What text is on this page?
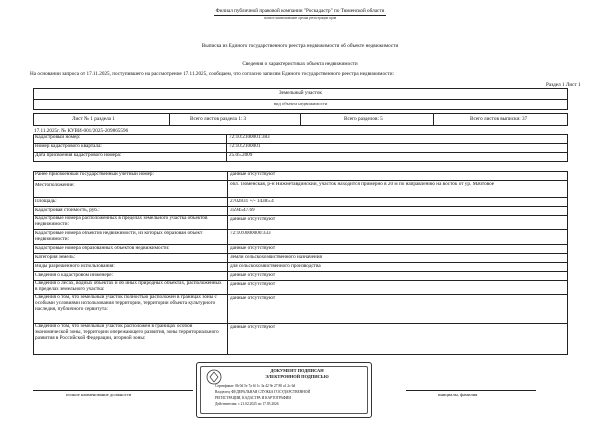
Филиал публичной правовой компании "Роскадастр" по Тюменской области
полное наименование органа регистрации прав
Выписка из Единого государственного реестра недвижимости об объекте недвижимости
Сведения о характеристиках объекта недвижимости
На основании запроса от 17.11.2025, поступившего на рассмотрение 17.11.2025, сообщаем, что согласно записям Единого государственного реестра недвижимости:
Раздел 1 Лист 1
Земельный участок
вид объекта недвижимости
Лист № 1 раздела 1	Всего листов раздела 1: 3	Всего разделов: 5	Всего листов выписки: 37
17.11.2025г. № КУВИ-001/2025-209865596
Кадастровый номер:	72:10:2100001:383
Номер кадастрового квартала:	72:10:2100001
Дата присвоения кадастрового номера:	25.05.2009
Ранее присвоенный государственный учетный номер:	данные отсутствуют
Местоположение:	обл. Тюменская, р-н Нижнетавдинский, участок находится примерно в 20 м по направлению на восток от ур. Мачтовое
Площадь:	2702831 +/- 14385.4
Кадастровая стоимость, руб.:	3594547.69
Кадастровые номера расположенных в пределах земельного участка объектов недвижимости:
данные отсутствуют
Кадастровые номера объектов недвижимости, из которых образован объект недвижимости:
72:10:0000000:333
Кадастровые номера образованных объектов недвижимости:	данные отсутствуют
Категория земель:	Земли сельскохозяйственного назначения
Виды разрешенного использования:	для сельскохозяйственного производства
Сведения о кадастровом инженере:	данные отсутствуют
Сведения о лесах, водных объектах и об иных природных объектах, расположенных в пределах земельного участка:
данные отсутствуют
Сведения о том, что земельный участок полностью расположен в границах зоны с особыми условиями использования территории, территории объекта культурного наследия, публичного сервитута:
данные отсутствуют
Сведения о том, что земельный участок расположен в границах особой экономической зоны, территории опережающего развития, зоны территориального развития в Российской Федерации, игорной зоны:
данные отсутствуют
полное наименование должности	инициалы, фамилия
ДОКУМЕНТ ПОДПИСАН
ЭЛЕКТРОННОЙ ПОДПИСЬЮ
Сертификат: 0b 0d 5e 7a 6f 1c 3a 42 9e 27 80 a1 2c 6d
Владелец: ФЕДЕРАЛЬНАЯ СЛУЖБА ГОСУДАРСТВЕННОЙ
РЕГИСТРАЦИИ, КАДАСТРА И КАРТОГРАФИИ
Действителен: с 21.02.2025 по 17.05.2026
